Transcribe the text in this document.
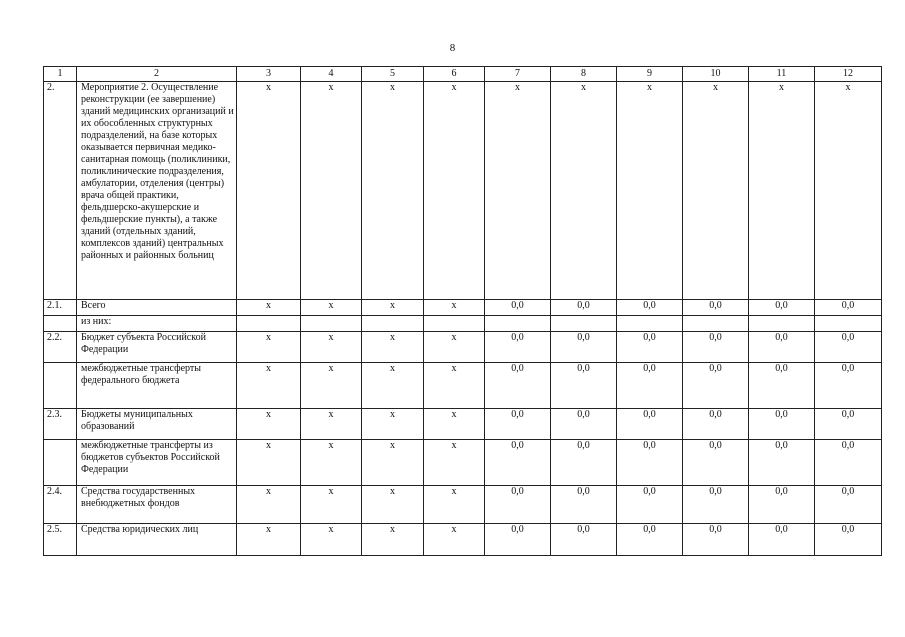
8
1	2	3	4	5	6	7	8	9	10	11	12
2.	Мероприятие 2. Осуществление реконструкции (ее завершение) зданий медицинских организаций и их обособленных структурных подразделений, на базе которых оказывается первичная медико-санитарная помощь (поликлиники, поликлинические подразделения, амбулатории, отделения (центры) врача общей практики, фельдшерско-акушерские и фельдшерские пункты), а также зданий (отдельных зданий, комплексов зданий) центральных районных и районных больниц	x	x	x	x	x	x	x	x	x	x
2.1.	Всего	x	x	x	x	0,0	0,0	0,0	0,0	0,0	0,0
	из них:										
2.2.	Бюджет субъекта Российской Федерации	x	x	x	x	0,0	0,0	0,0	0,0	0,0	0,0
	межбюджетные трансферты федерального бюджета	x	x	x	x	0,0	0,0	0,0	0,0	0,0	0,0
2.3.	Бюджеты муниципальных образований	x	x	x	x	0,0	0,0	0,0	0,0	0,0	0,0
	межбюджетные трансферты из бюджетов субъектов Российской Федерации	x	x	x	x	0,0	0,0	0,0	0,0	0,0	0,0
2.4.	Средства государственных внебюджетных фондов	x	x	x	x	0,0	0,0	0,0	0,0	0,0	0,0
2.5.	Средства юридических лиц	x	x	x	x	0,0	0,0	0,0	0,0	0,0	0,0
